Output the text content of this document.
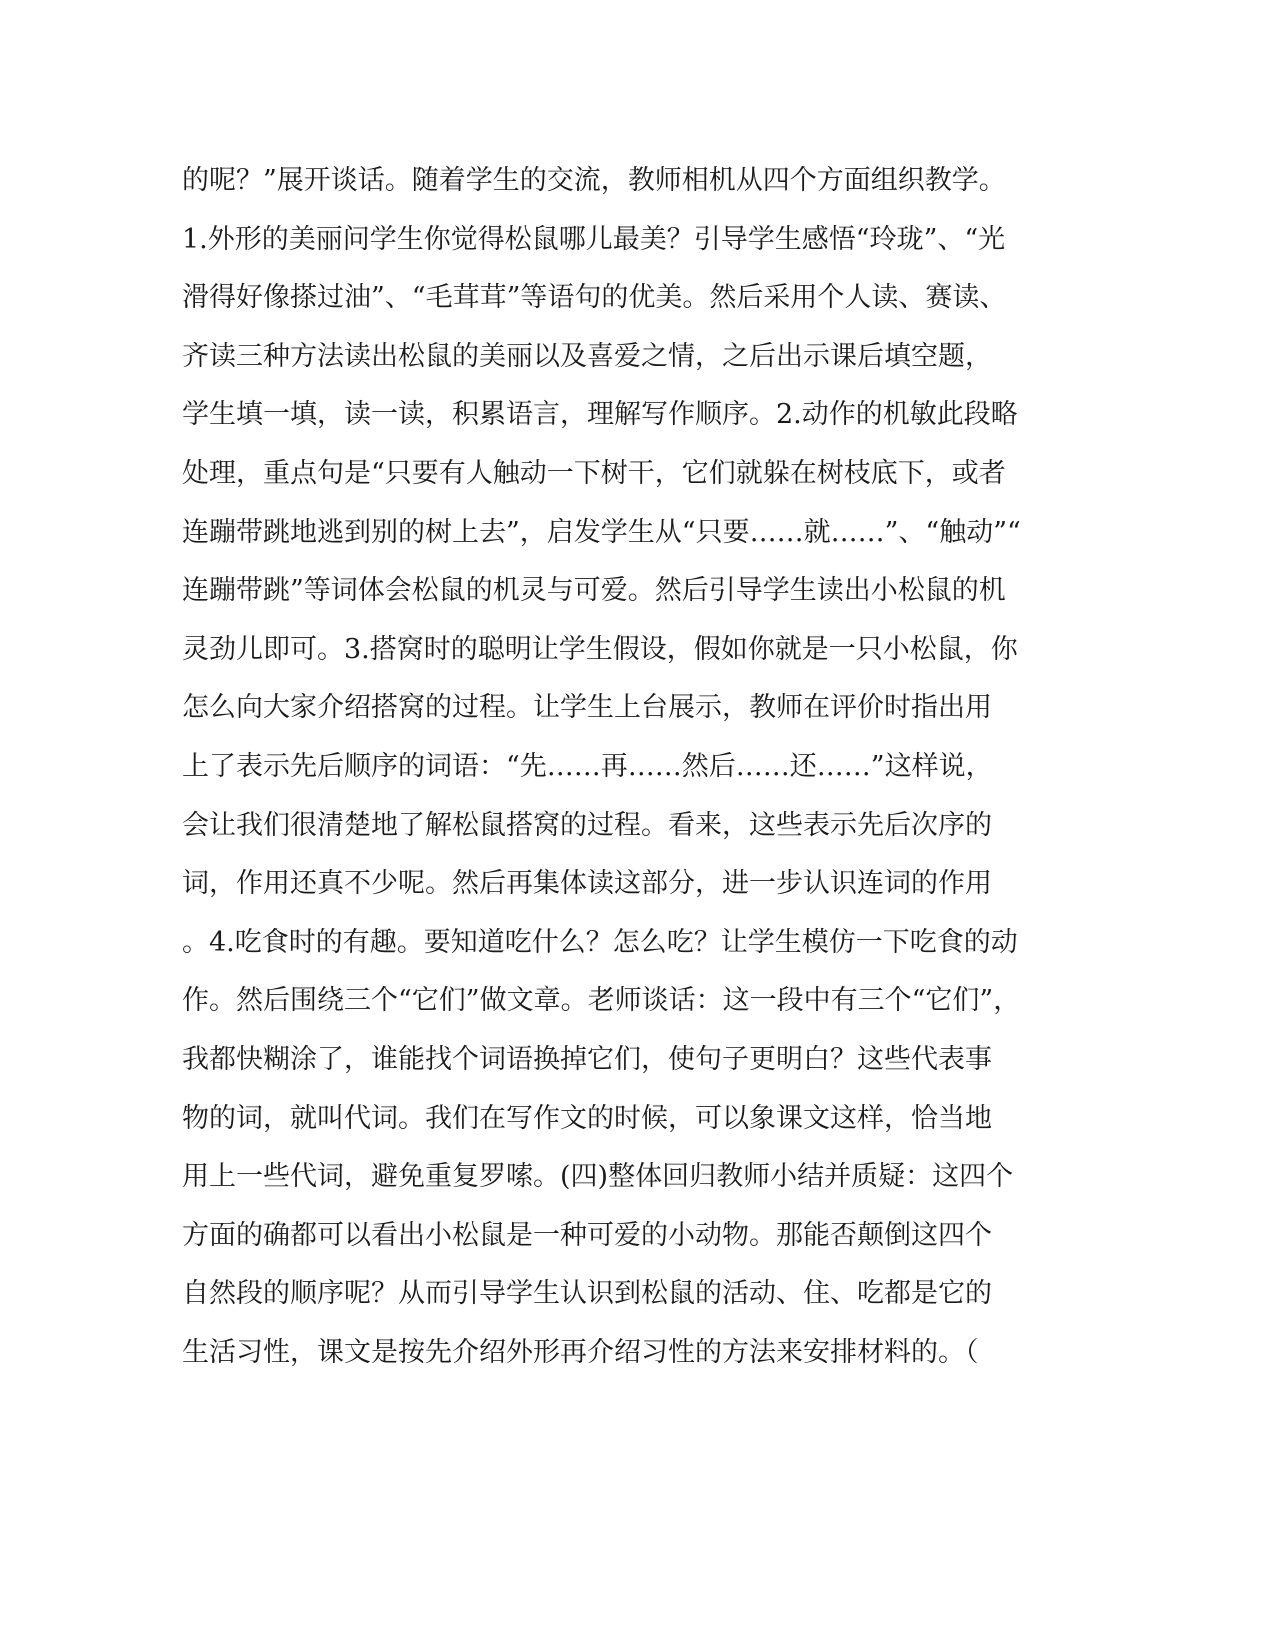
的呢？”展开谈话。随着学生的交流，教师相机从四个方面组织教学。
1.外形的美丽问学生你觉得松鼠哪儿最美？引导学生感悟“玲珑”、“光
滑得好像搽过油”、“毛茸茸”等语句的优美。然后采用个人读、赛读、
齐读三种方法读出松鼠的美丽以及喜爱之情，之后出示课后填空题，
学生填一填，读一读，积累语言，理解写作顺序。2.动作的机敏此段略
处理，重点句是“只要有人触动一下树干，它们就躲在树枝底下，或者
连蹦带跳地逃到别的树上去”，启发学生从“只要……就……”、“触动”“
连蹦带跳”等词体会松鼠的机灵与可爱。然后引导学生读出小松鼠的机
灵劲儿即可。3.搭窝时的聪明让学生假设，假如你就是一只小松鼠，你
怎么向大家介绍搭窝的过程。让学生上台展示，教师在评价时指出用
上了表示先后顺序的词语：“先……再……然后……还……”这样说，
会让我们很清楚地了解松鼠搭窝的过程。看来，这些表示先后次序的
词，作用还真不少呢。然后再集体读这部分，进一步认识连词的作用
。4.吃食时的有趣。要知道吃什么？怎么吃？让学生模仿一下吃食的动
作。然后围绕三个“它们”做文章。老师谈话：这一段中有三个“它们”，
我都快糊涂了，谁能找个词语换掉它们，使句子更明白？这些代表事
物的词，就叫代词。我们在写作文的时候，可以象课文这样，恰当地
用上一些代词，避免重复罗嗦。(四)整体回归教师小结并质疑：这四个
方面的确都可以看出小松鼠是一种可爱的小动物。那能否颠倒这四个
自然段的顺序呢？从而引导学生认识到松鼠的活动、住、吃都是它的
生活习性，课文是按先介绍外形再介绍习性的方法来安排材料的。（
